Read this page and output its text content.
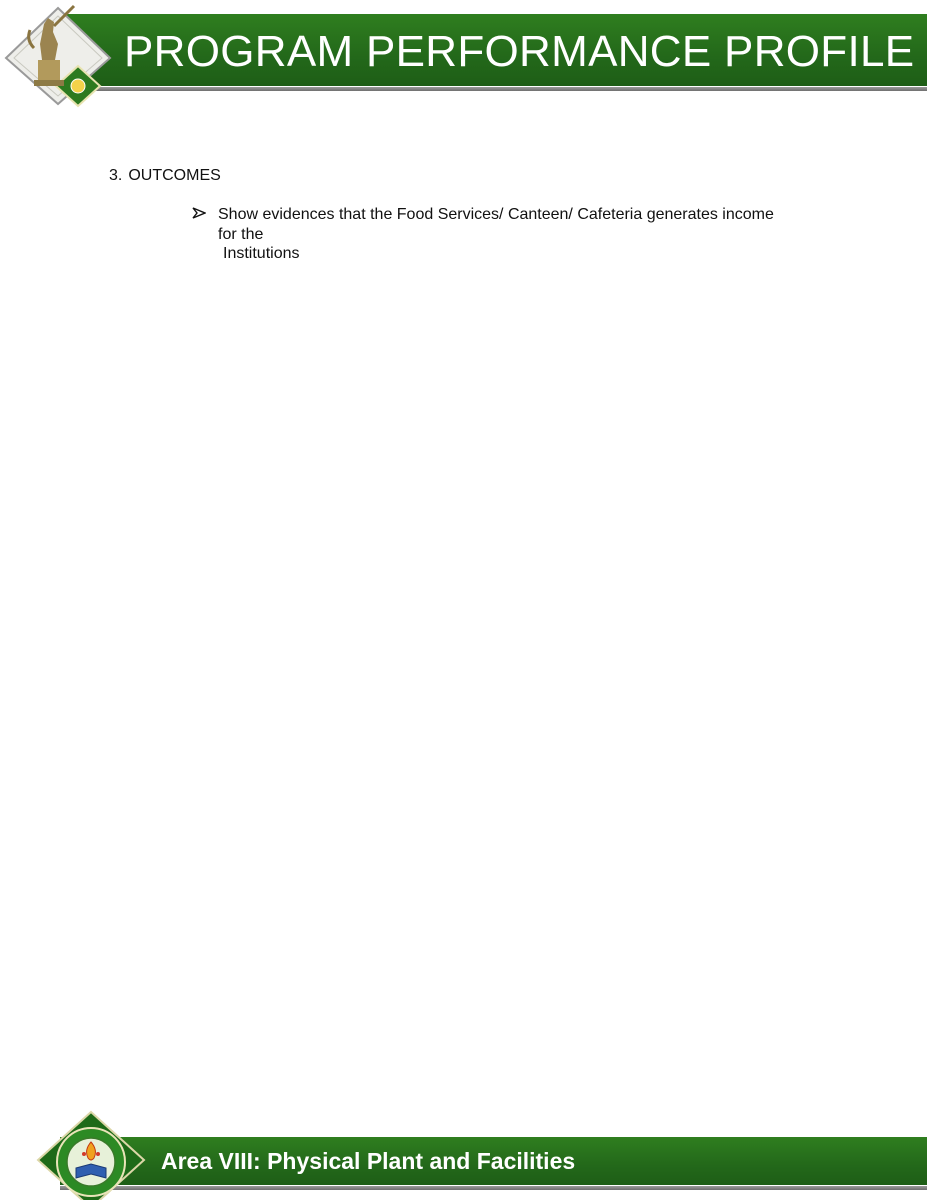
PROGRAM PERFORMANCE PROFILE
3. OUTCOMES
Show evidences that the Food Services/ Canteen/ Cafeteria generates income
for the
Institutions
Area VIII: Physical Plant and Facilities
